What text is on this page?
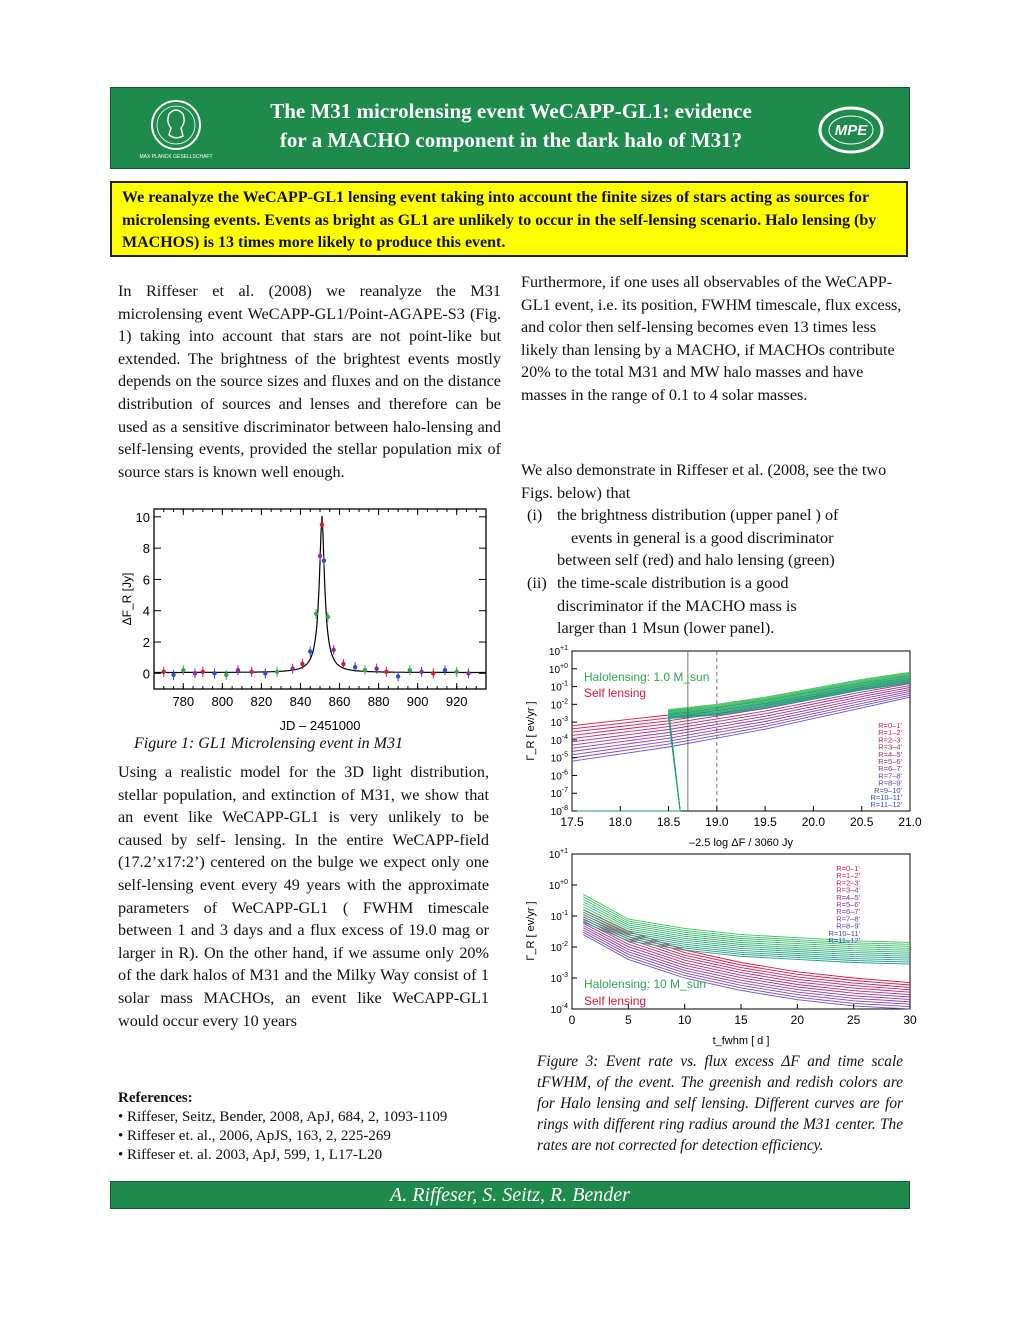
MAX PLANCK GESELLSCHAFT
The M31 microlensing event WeCAPP-GL1: evidence
for a MACHO component in the dark halo of M31?	MPE
We reanalyze the WeCAPP-GL1 lensing event taking into account the finite sizes of stars acting as sources for microlensing events. Events as bright as GL1 are unlikely to occur in the self-lensing scenario. Halo lensing (by MACHOS) is 13 times more likely to produce this event.
In Riffeser et al. (2008) we reanalyze the M31 microlensing event WeCAPP-GL1/Point-AGAPE-S3 (Fig. 1) taking into account that stars are not point-like but extended. The brightness of the brightest events mostly depends on the source sizes and fluxes and on the distance distribution of sources and lenses and therefore can be used as a sensitive discriminator between halo-lensing and self-lensing events, provided the stellar population mix of source stars is known well enough.
780 800 820 840 860 880 900 920
0
2
4
6
8
10
JD – 2451000
ΔF_R [Jy]
Figure 1: GL1 Microlensing event in M31
Using a realistic model for the 3D light distribution, stellar population, and extinction of M31, we show that an event like WeCAPP-GL1 is very unlikely to be caused by self- lensing. In the entire WeCAPP-field (17.2’x17:2’) centered on the bulge we expect only one self-lensing event every 49 years with the approximate parameters of WeCAPP-GL1 ( FWHM timescale between 1 and 3 days and a flux excess of 19.0 mag or larger in R). On the other hand, if we assume only 20% of the dark halos of M31 and the Milky Way consist of 1 solar mass MACHOs, an event like WeCAPP-GL1 would occur every 10 years
References:
• Riffeser, Seitz, Bender, 2008, ApJ, 684, 2, 1093-1109
• Riffeser et. al., 2006, ApJS, 163, 2, 225-269
• Riffeser et. al. 2003, ApJ, 599, 1, L17-L20
Furthermore, if one uses all observables of the WeCAPP-GL1 event, i.e. its position, FWHM timescale, flux excess, and color then self-lensing becomes even 13 times less likely than lensing by a MACHO, if MACHOs contribute 20% to the total M31 and MW halo masses and have masses in the range of 0.1 to 4 solar masses.
We also demonstrate in Riffeser et al. (2008, see the two Figs. below) that
(i) the brightness distribution (upper panel ) of
events in general is a good discriminator
between self (red) and halo lensing (green)
(ii) the time-scale distribution is a good
discriminator if the MACHO mass is
larger than 1 Msun (lower panel).
17.5 18.0 18.5 19.0 19.5 20.0 20.5 21.0
$10^{-8}$
$10^{-7}$
$10^{-6}$
$10^{-5}$
$10^{-4}$
$10^{-3}$
$10^{-2}$
$10^{-1}$
$10^{+0}$
$10^{+1}$
R=0–1'
R=1–2'
R=2–3'
R=3–4'
R=4–5'
R=5–6'
R=6–7'
R=7–8'
R=8–9'
R=9–10'
R=10–11'
R=11–12'
Halolensing: 1.0 M_sun
Self lensing
–2.5 log ΔF / 3060 Jy
Γ_R [ ev/yr ]
0	5	10	15	20	25	30
$10^{-4}$
$10^{-3}$
$10^{-2}$
$10^{-1}$
$10^{+0}$
$10^{+1}$
R=0–1'
R=1–2'
R=2–3'
R=3–4'
R=4–5'
R=5–6'
R=6–7'
R=7–8'
R=8–9'
R=10–11'
R=11–12'
Halolensing: 10 M_sun
Self lensing
t_fwhm [ d ]
Γ_R [ ev/yr ]
Figure 3: Event rate vs. flux excess ΔF and time scale tFWHM, of the event. The greenish and redish colors are for Halo lensing and self lensing. Different curves are for rings with different ring radius around the M31 center. The rates are not corrected for detection efficiency.
A. Riffeser, S. Seitz, R. Bender
